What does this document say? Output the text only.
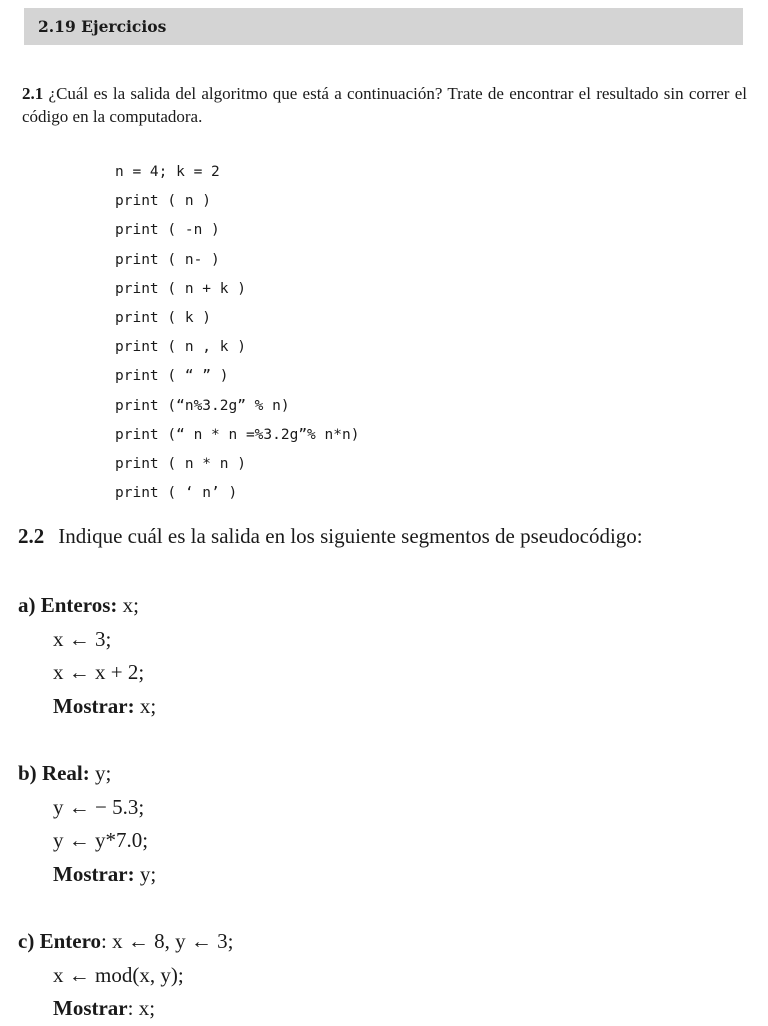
2.19 Ejercicios
2.1 ¿Cuál es la salida del algoritmo que está a continuación? Trate de encontrar el resultado sin correr el código en la computadora.
n = 4; k = 2
print ( n )
print ( -n )
print ( n- )
print ( n + k )
print ( k )
print ( n , k )
print ( “ ” )
print (“n%3.2g” % n)
print (“ n * n =%3.2g”% n*n)
print ( n * n )
print ( ‘ n’ )
2.2 Indique cuál es la salida en los siguiente segmentos de pseudocódigo:
a) Enteros: x;
x ← 3;
x ← x + 2;
Mostrar: x;
b) Real: y;
y ← − 5.3;
y ← y*7.0;
Mostrar: y;
c) Entero: x ← 8, y ← 3;
x ← mod(x, y);
Mostrar: x;
